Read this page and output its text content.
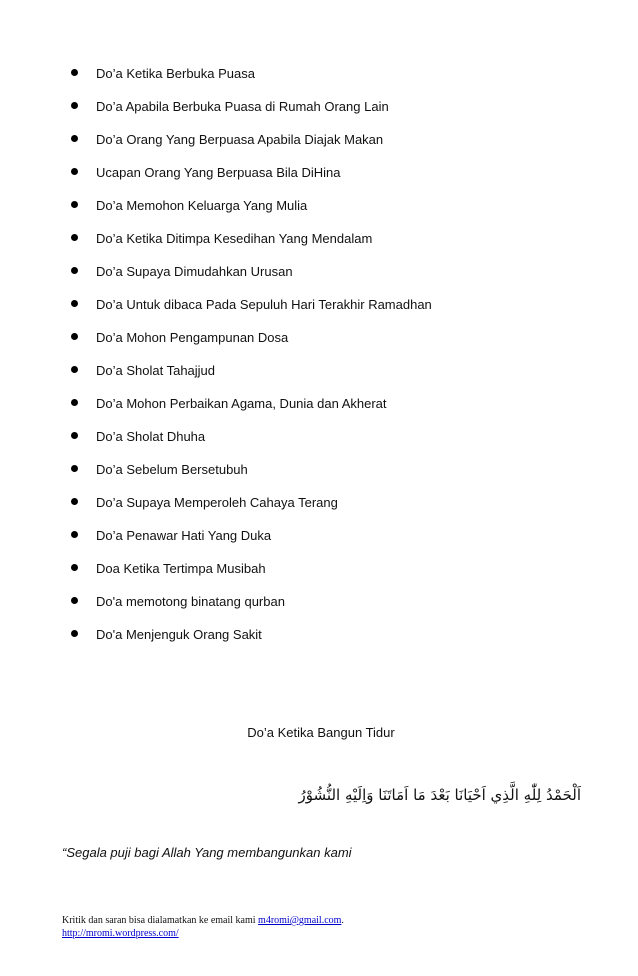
Do’a Ketika Berbuka Puasa
Do’a Apabila Berbuka Puasa di Rumah Orang Lain
Do’a Orang Yang Berpuasa Apabila Diajak Makan
Ucapan Orang Yang Berpuasa Bila DiHina
Do’a Memohon Keluarga Yang Mulia
Do’a Ketika Ditimpa Kesedihan Yang Mendalam
Do’a Supaya Dimudahkan Urusan
Do’a Untuk dibaca Pada Sepuluh Hari Terakhir Ramadhan
Do’a Mohon Pengampunan Dosa
Do’a Sholat Tahajjud
Do’a Mohon Perbaikan Agama, Dunia dan Akherat
Do’a Sholat Dhuha
Do’a Sebelum Bersetubuh
Do’a Supaya Memperoleh Cahaya Terang
Do’a Penawar Hati Yang Duka
Doa Ketika Tertimpa Musibah
Do'a memotong binatang qurban
Do'a Menjenguk Orang Sakit
Do’a Ketika Bangun Tidur
اَلْحَمْدُ لِلّٰهِ الَّذِي اَحْيَانَا بَعْدَ مَا اَمَاتَنَا وَاِلَيْهِ النُّشُوْرُ
“Segala puji bagi Allah Yang membangunkan kami
Kritik dan saran bisa dialamatkan ke email kami m4romi@gmail.com.
http://mromi.wordpress.com/
